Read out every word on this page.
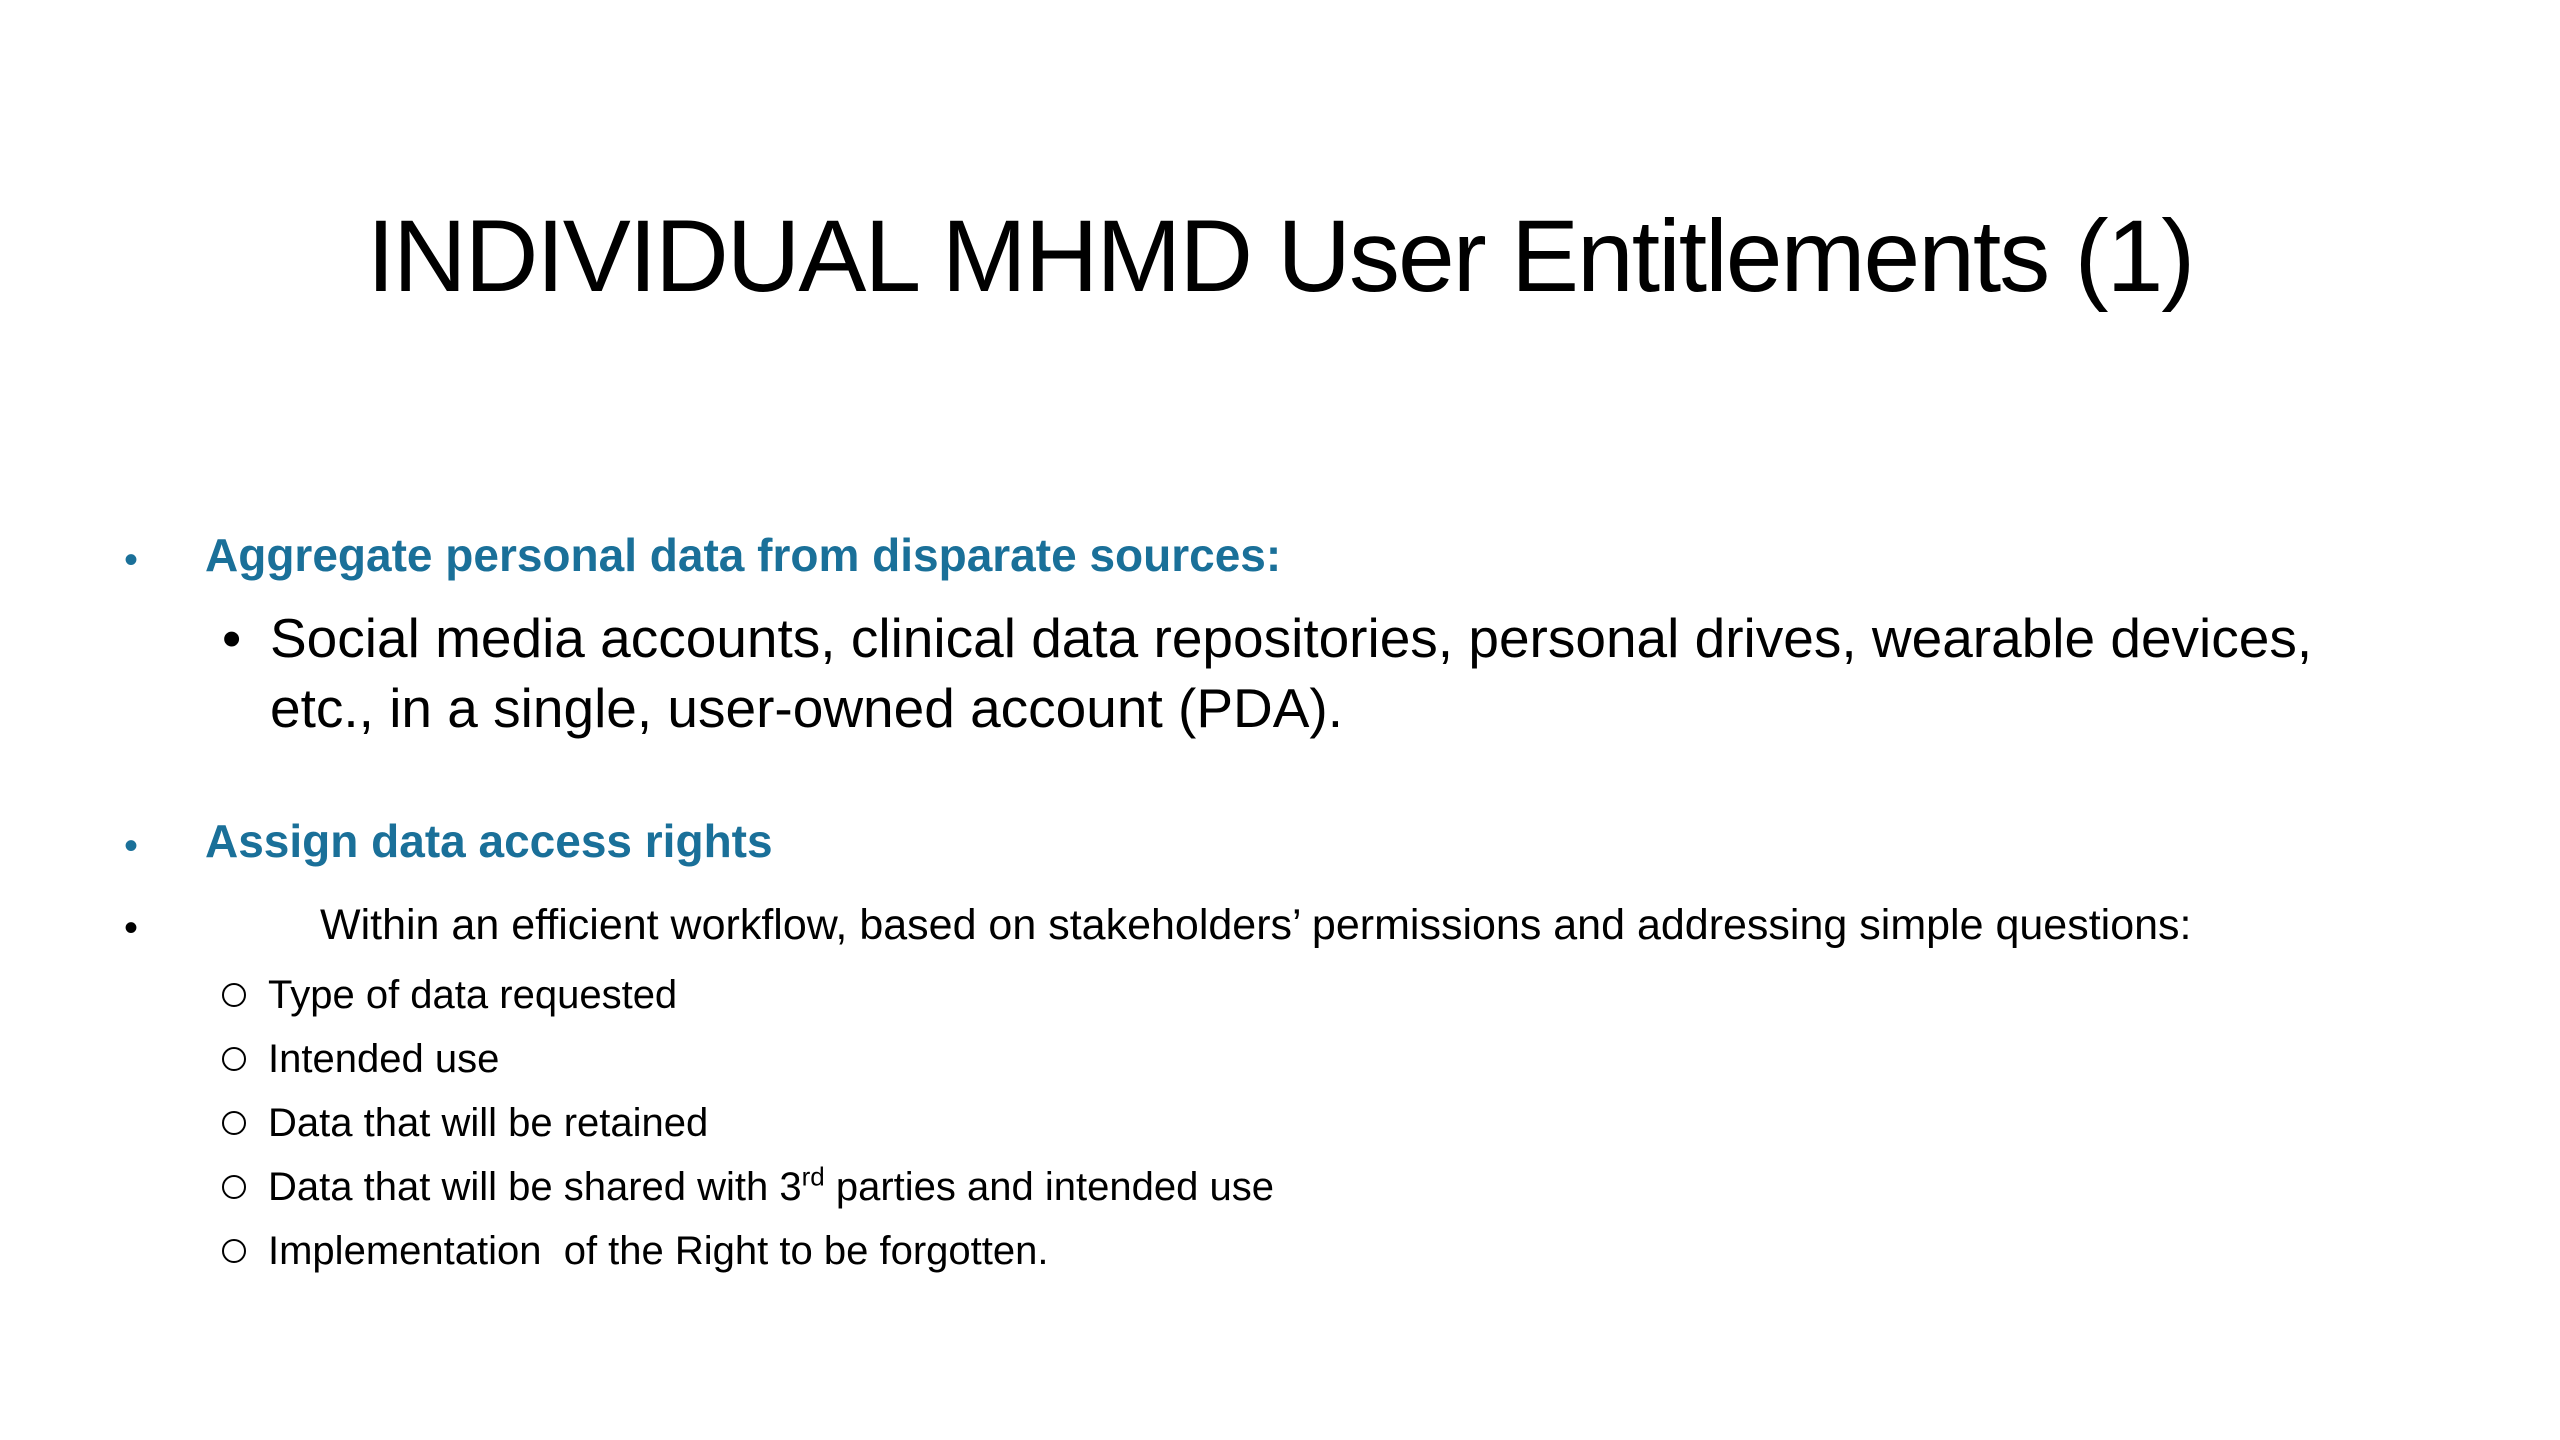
INDIVIDUAL MHMD User Entitlements (1)
• Aggregate personal data from disparate sources:
• Social media accounts, clinical data repositories, personal drives, wearable devices,
etc., in a single, user-owned account (PDA).
• Assign data access rights
•	Within an efficient workflow, based on stakeholders’ permissions and addressing simple questions:
Type of data requested
Intended use
Data that will be retained
Data that will be shared with 3rd parties and intended use
Implementation  of the Right to be forgotten.
